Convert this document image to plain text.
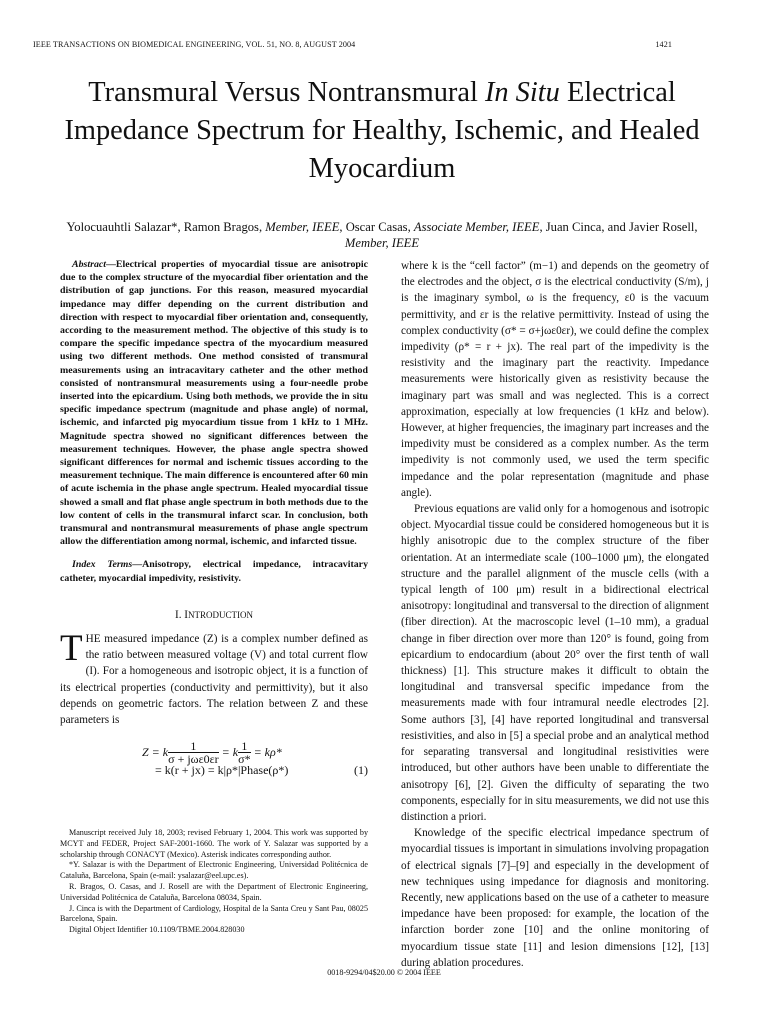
IEEE TRANSACTIONS ON BIOMEDICAL ENGINEERING, VOL. 51, NO. 8, AUGUST 2004	1421
Transmural Versus Nontransmural In Situ Electrical Impedance Spectrum for Healthy, Ischemic, and Healed Myocardium
Yolocuauhtli Salazar*, Ramon Bragos, Member, IEEE, Oscar Casas, Associate Member, IEEE, Juan Cinca, and Javier Rosell, Member, IEEE

Abstract—Electrical properties of myocardial tissue are anisotropic due to the complex structure of the myocardial fiber orientation and the distribution of gap junctions. For this reason, measured myocardial impedance may differ depending on the current distribution and direction with respect to myocardial fiber orientation and, consequently, according to the measurement method. The objective of this study is to compare the specific impedance spectra of the myocardium measured using two different methods. One method consisted of transmural measurements using an intracavitary catheter and the other method consisted of nontransmural measurements using a four-needle probe inserted into the epicardium. Using both methods, we provide the in situ specific impedance spectrum (magnitude and phase angle) of normal, ischemic, and infarcted pig myocardium tissue from 1 kHz to 1 MHz. Magnitude spectra showed no significant differences between the measurement techniques. However, the phase angle spectra showed significant differences for normal and ischemic tissues according to the measurement technique. The main difference is encountered after 60 min of acute ischemia in the phase angle spectrum. Healed myocardial tissue showed a small and flat phase angle spectrum in both methods due to the low content of cells in the transmural infarct scar. In conclusion, both transmural and nontransmural measurements of phase angle spectrum allow the differentiation among normal, ischemic, and infarcted tissue.

Index Terms—Anisotropy, electrical impedance, intracavitary catheter, myocardial impedivity, resistivity.

I. INTRODUCTION

THE measured impedance (Z) is a complex number defined as the ratio between measured voltage (V) and total current flow (I). For a homogeneous and isotropic object, it is a function of its electrical properties (conductivity and permittivity), but it also depends on geometric factors. The relation between Z and these parameters is

Z = k $\frac{1}{\text{σ + jωε0εr}} = k \frac{1}{\sigma*} = k\rho*$
= k(r + jx) = k|ρ*|Phase(ρ*)	(1)

Manuscript received July 18, 2003; revised February 1, 2004. This work was supported by MCYT and FEDER, Project SAF-2001-1660. The work of Y. Salazar was supported by a scholarship through CONACYT (Mexico). Asterisk indicates corresponding author.

*Y. Salazar is with the Department of Electronic Engineering, Universidad Politécnica de Cataluña, Barcelona, Spain (e-mail: ysalazar@eel.upc.es).

R. Bragos, O. Casas, and J. Rosell are with the Department of Electronic Engineering, Universidad Politécnica de Cataluña, Barcelona 08034, Spain.

J. Cinca is with the Department of Cardiology, Hospital de la Santa Creu y Sant Pau, 08025 Barcelona, Spain.

Digital Object Identifier 10.1109/TBME.2004.828030

where k is the “cell factor” (m−1) and depends on the geometry of the electrodes and the object, σ is the electrical conductivity (S/m), j is the imaginary symbol, ω is the frequency, ε0 is the vacuum permittivity, and εr is the relative permittivity. Instead of using the complex conductivity (σ* = σ+jωε0εr), we could define the complex impedivity (ρ* = r + jx). The real part of the impedivity is the resistivity and the imaginary part the reactivity. Impedance measurements were historically given as resistivity because the imaginary part was small and was neglected. This is a correct approximation, especially at low frequencies (1 kHz and below). However, at higher frequencies, the imaginary part increases and the impedivity must be considered as a complex number. As the term impedivity is not commonly used, we used the term specific impedance and the polar representation (magnitude and phase angle).

Previous equations are valid only for a homogenous and isotropic object. Myocardial tissue could be considered homogeneous but it is highly anisotropic due to the complex structure of the fiber orientation. At an intermediate scale (100–1000 μm), the elongated structure and the parallel alignment of the muscle cells (with a typical length of 100 μm) result in a bidirectional electrical anisotropy: longitudinal and transversal to the direction of alignment (fiber direction). At the macroscopic level (1–10 mm), a gradual change in fiber direction over more than 120° is found, going from epicardium to endocardium (about 20° over the first tenth of wall thickness) [1]. This structure makes it difficult to obtain the longitudinal and transversal specific impedance from the measurements made with four intramural needle electrodes [2]. Some authors [3], [4] have reported longitudinal and transversal resistivities, and also in [5] a special probe and an analytical method for separating transversal and longitudinal resistivities were introduced, but other authors have been unable to differentiate the anisotropy [6], [2]. Given the difficulty of separating the two components, especially for in situ measurements, we did not use this distinction a priori.

Knowledge of the specific electrical impedance spectrum of myocardial tissues is important in simulations involving propagation of electrical signals [7]–[9] and especially in the development of new techniques using impedance for diagnosis and monitoring. Recently, new applications based on the use of a catheter to measure impedance have been proposed: for example, the location of the infarction border zone [10] and the online monitoring of myocardium tissue state [11] and lesion dimensions [12], [13] during ablation procedures.

0018-9294/04$20.00 © 2004 IEEE
